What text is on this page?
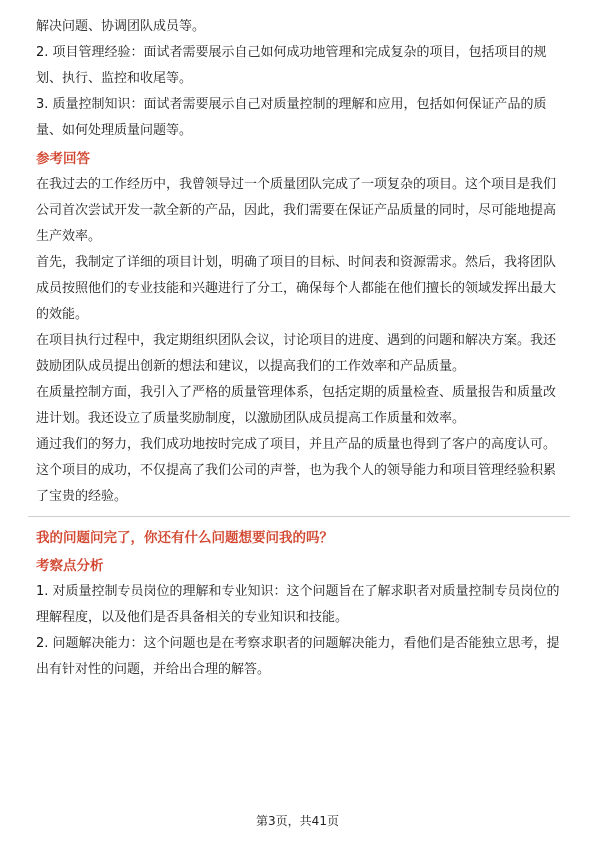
解决问题、协调团队成员等。

2. 项目管理经验：面试者需要展示自己如何成功地管理和完成复杂的项目，包括项目的规划、执行、监控和收尾等。

3. 质量控制知识：面试者需要展示自己对质量控制的理解和应用，包括如何保证产品的质量、如何处理质量问题等。

参考回答

在我过去的工作经历中，我曾领导过一个质量团队完成了一项复杂的项目。这个项目是我们公司首次尝试开发一款全新的产品，因此，我们需要在保证产品质量的同时，尽可能地提高生产效率。

首先，我制定了详细的项目计划，明确了项目的目标、时间表和资源需求。然后，我将团队成员按照他们的专业技能和兴趣进行了分工，确保每个人都能在他们擅长的领域发挥出最大的效能。

在项目执行过程中，我定期组织团队会议，讨论项目的进度、遇到的问题和解决方案。我还鼓励团队成员提出创新的想法和建议，以提高我们的工作效率和产品质量。

在质量控制方面，我引入了严格的质量管理体系，包括定期的质量检查、质量报告和质量改进计划。我还设立了质量奖励制度，以激励团队成员提高工作质量和效率。

通过我们的努力，我们成功地按时完成了项目，并且产品的质量也得到了客户的高度认可。这个项目的成功，不仅提高了我们公司的声誉，也为我个人的领导能力和项目管理经验积累了宝贵的经验。

我的问题问完了，你还有什么问题想要问我的吗？

考察点分析

1. 对质量控制专员岗位的理解和专业知识：这个问题旨在了解求职者对质量控制专员岗位的理解程度，以及他们是否具备相关的专业知识和技能。

2. 问题解决能力：这个问题也是在考察求职者的问题解决能力，看他们是否能独立思考，提出有针对性的问题，并给出合理的解答。

第3页，共41页
